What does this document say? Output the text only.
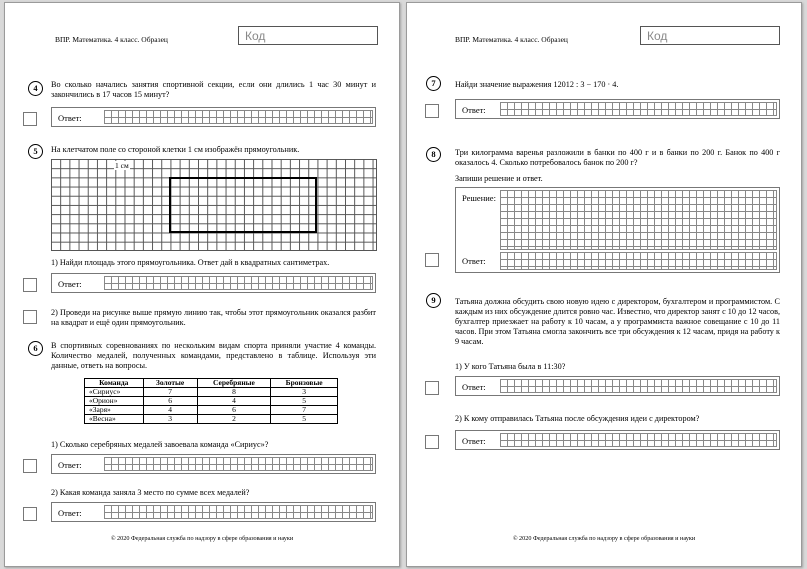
ВПР. Математика. 4 класс. Образец	Код
4	Во сколько начались занятия спортивной секции, если они длились 1 час 30 минут и закончились в 17 часов 15 минут?
Ответ:
5	На клетчатом поле со стороной клетки 1 см изображён прямоугольник.
1 см
1) Найди площадь этого прямоугольника. Ответ дай в квадратных сантиметрах.
Ответ:
2) Проведи на рисунке выше прямую линию так, чтобы этот прямоугольник оказался разбит на квадрат и ещё один прямоугольник.
6	В спортивных соревнованиях по нескольким видам спорта приняли участие 4 команды. Количество медалей, полученных командами, представлено в таблице. Используя эти данные, ответь на вопросы.
Команда	Золотые	Серебряные	Бронзовые
«Сириус»	7	8	3
«Орион»	6	4	5
«Заря»	4	6	7
«Весна»	3	2	5
1) Сколько серебряных медалей завоевала команда «Сириус»?
Ответ:
2) Какая команда заняла 3 место по сумме всех медалей?
Ответ:
© 2020 Федеральная служба по надзору в сфере образования и науки
ВПР. Математика. 4 класс. Образец	Код
7	Найди значение выражения 12012 : 3 − 170 · 4.
Ответ:
8	Три килограмма варенья разложили в банки по 400 г и в банки по 200 г. Банок по 400 г оказалось 4. Сколько потребовалось банок по 200 г?
Запиши решение и ответ.
Решение:
Ответ:
9	Татьяна должна обсудить свою новую идею с директором, бухгалтером и программистом. С каждым из них обсуждение длится ровно час. Известно, что директор занят с 10 до 12 часов, бухгалтер приезжает на работу к 10 часам, а у программиста важное совещание с 10 до 11 часов. При этом Татьяна смогла закончить все три обсуждения к 12 часам, придя на работу к 9 часам.
1) У кого Татьяна была в 11:30?
Ответ:
2) К кому отправилась Татьяна после обсуждения идеи с директором?
Ответ:
© 2020 Федеральная служба по надзору в сфере образования и науки
